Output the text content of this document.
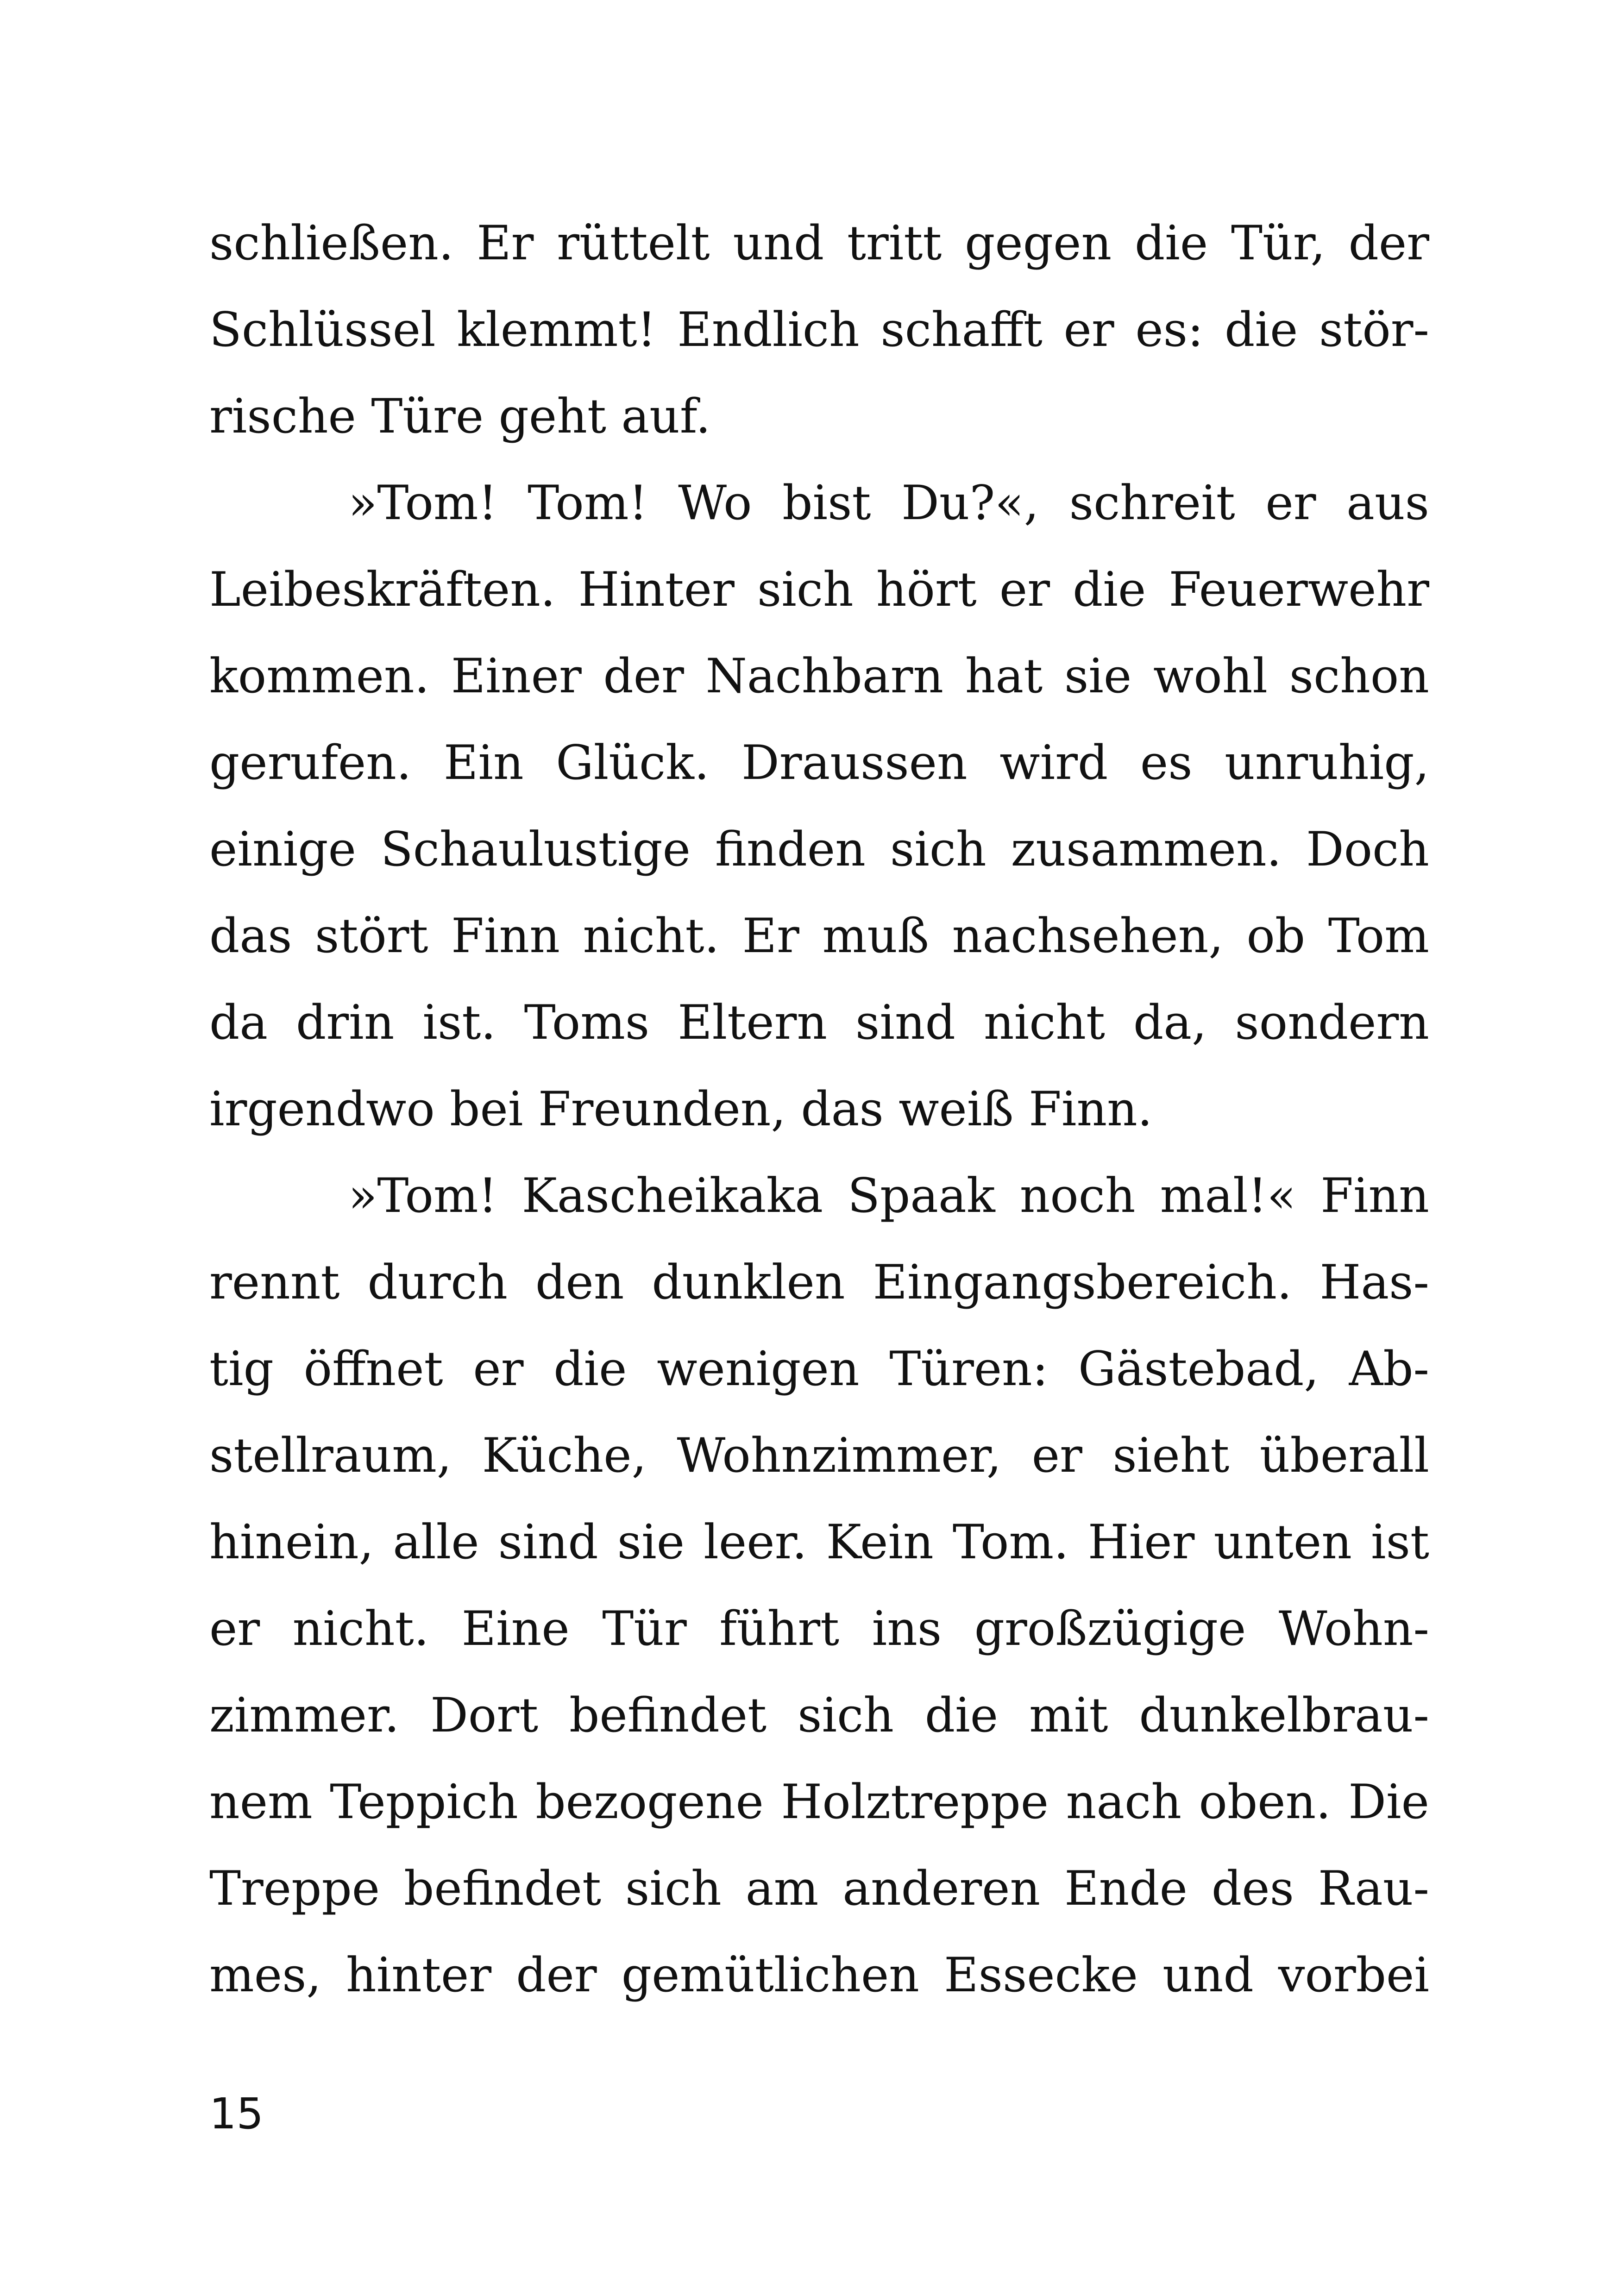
schließen. Er rüttelt und tritt gegen die Tür, der
Schlüssel klemmt! Endlich schafft er es: die stör-
rische Türe geht auf.
»Tom! Tom! Wo bist Du?«, schreit er aus
Leibeskräften. Hinter sich hört er die Feuerwehr
kommen. Einer der Nachbarn hat sie wohl schon
gerufen. Ein Glück. Draussen wird es unruhig,
einige Schaulustige finden sich zusammen. Doch
das stört Finn nicht. Er muß nachsehen, ob Tom
da drin ist. Toms Eltern sind nicht da, sondern
irgendwo bei Freunden, das weiß Finn.
»Tom! Kascheikaka Spaak noch mal!« Finn
rennt durch den dunklen Eingangsbereich. Has-
tig öffnet er die wenigen Türen: Gästebad, Ab-
stellraum, Küche, Wohnzimmer, er sieht überall
hinein, alle sind sie leer. Kein Tom. Hier unten ist
er nicht. Eine Tür führt ins großzügige Wohn-
zimmer. Dort befindet sich die mit dunkelbrau-
nem Teppich bezogene Holztreppe nach oben. Die
Treppe befindet sich am anderen Ende des Rau-
mes, hinter der gemütlichen Essecke und vorbei
15
